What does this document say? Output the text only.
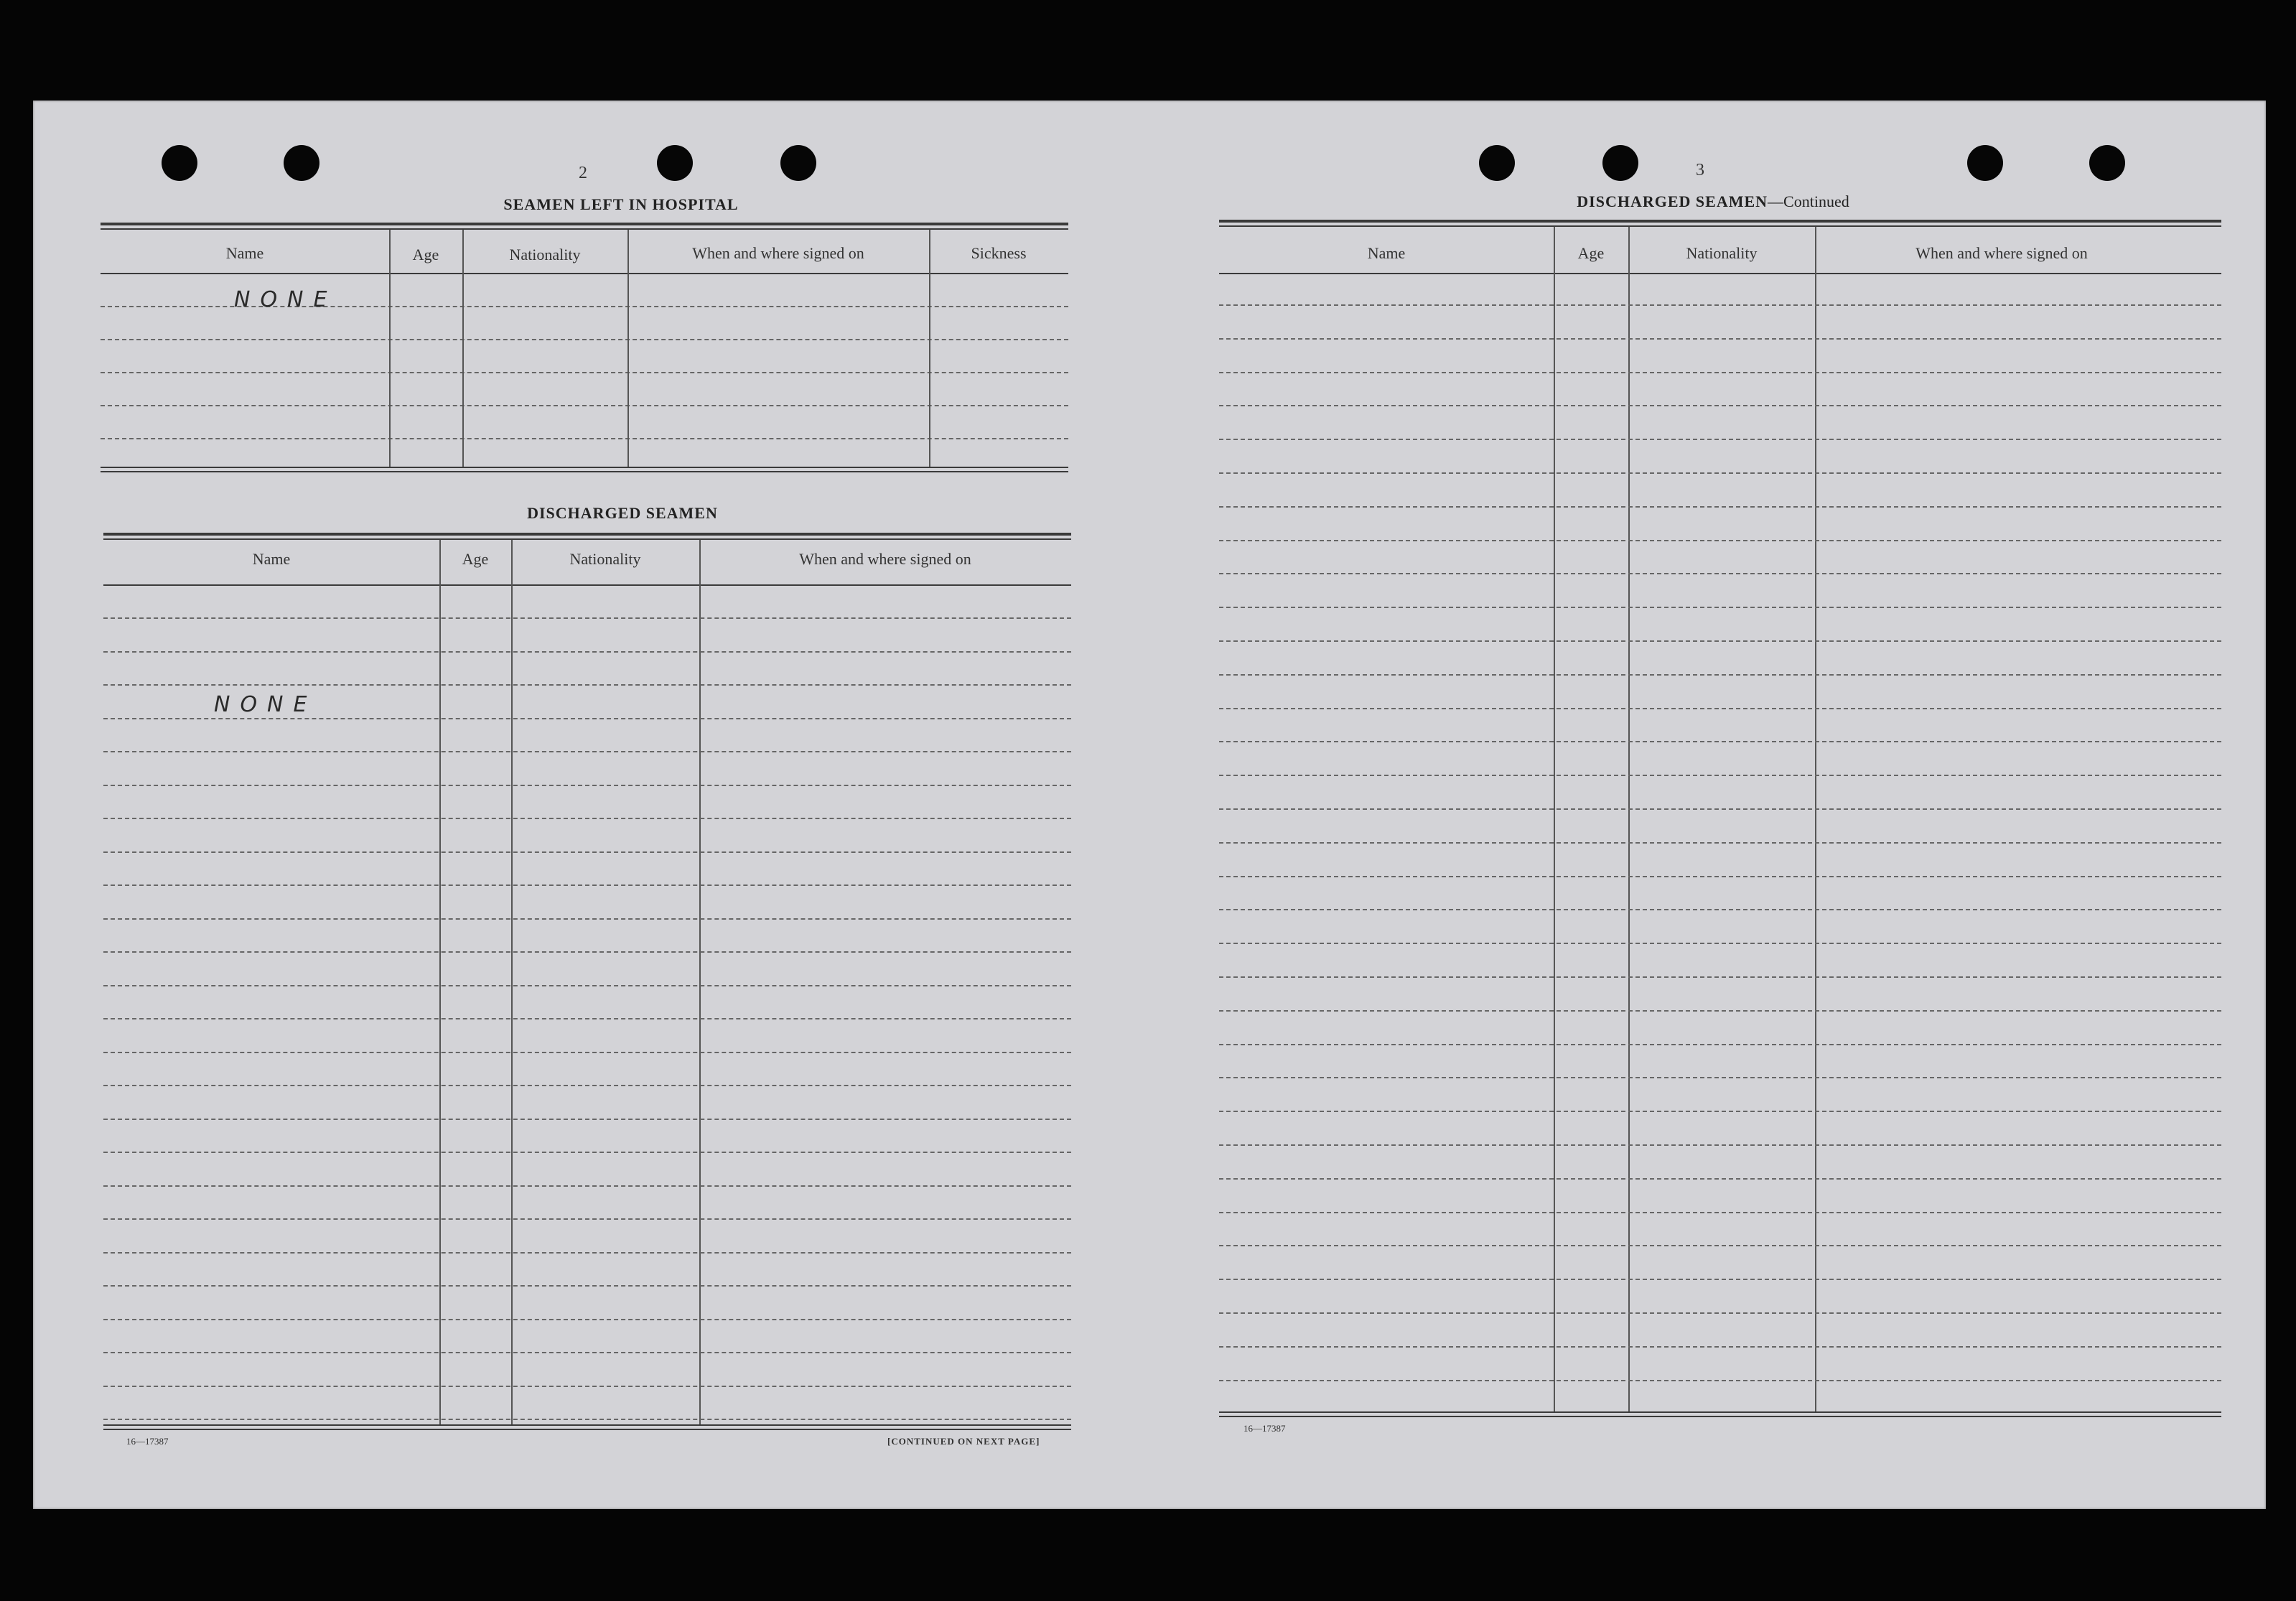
2
SEAMEN LEFT IN HOSPITAL
Name	Age	Nationality	When and where signed on	Sickness
NONE
DISCHARGED SEAMEN
Name	Age	Nationality	When and where signed on
NONE
16—17387	[CONTINUED ON NEXT PAGE]
3
DISCHARGED SEAMEN—Continued
Name	Age	Nationality	When and where signed on
16—17387
